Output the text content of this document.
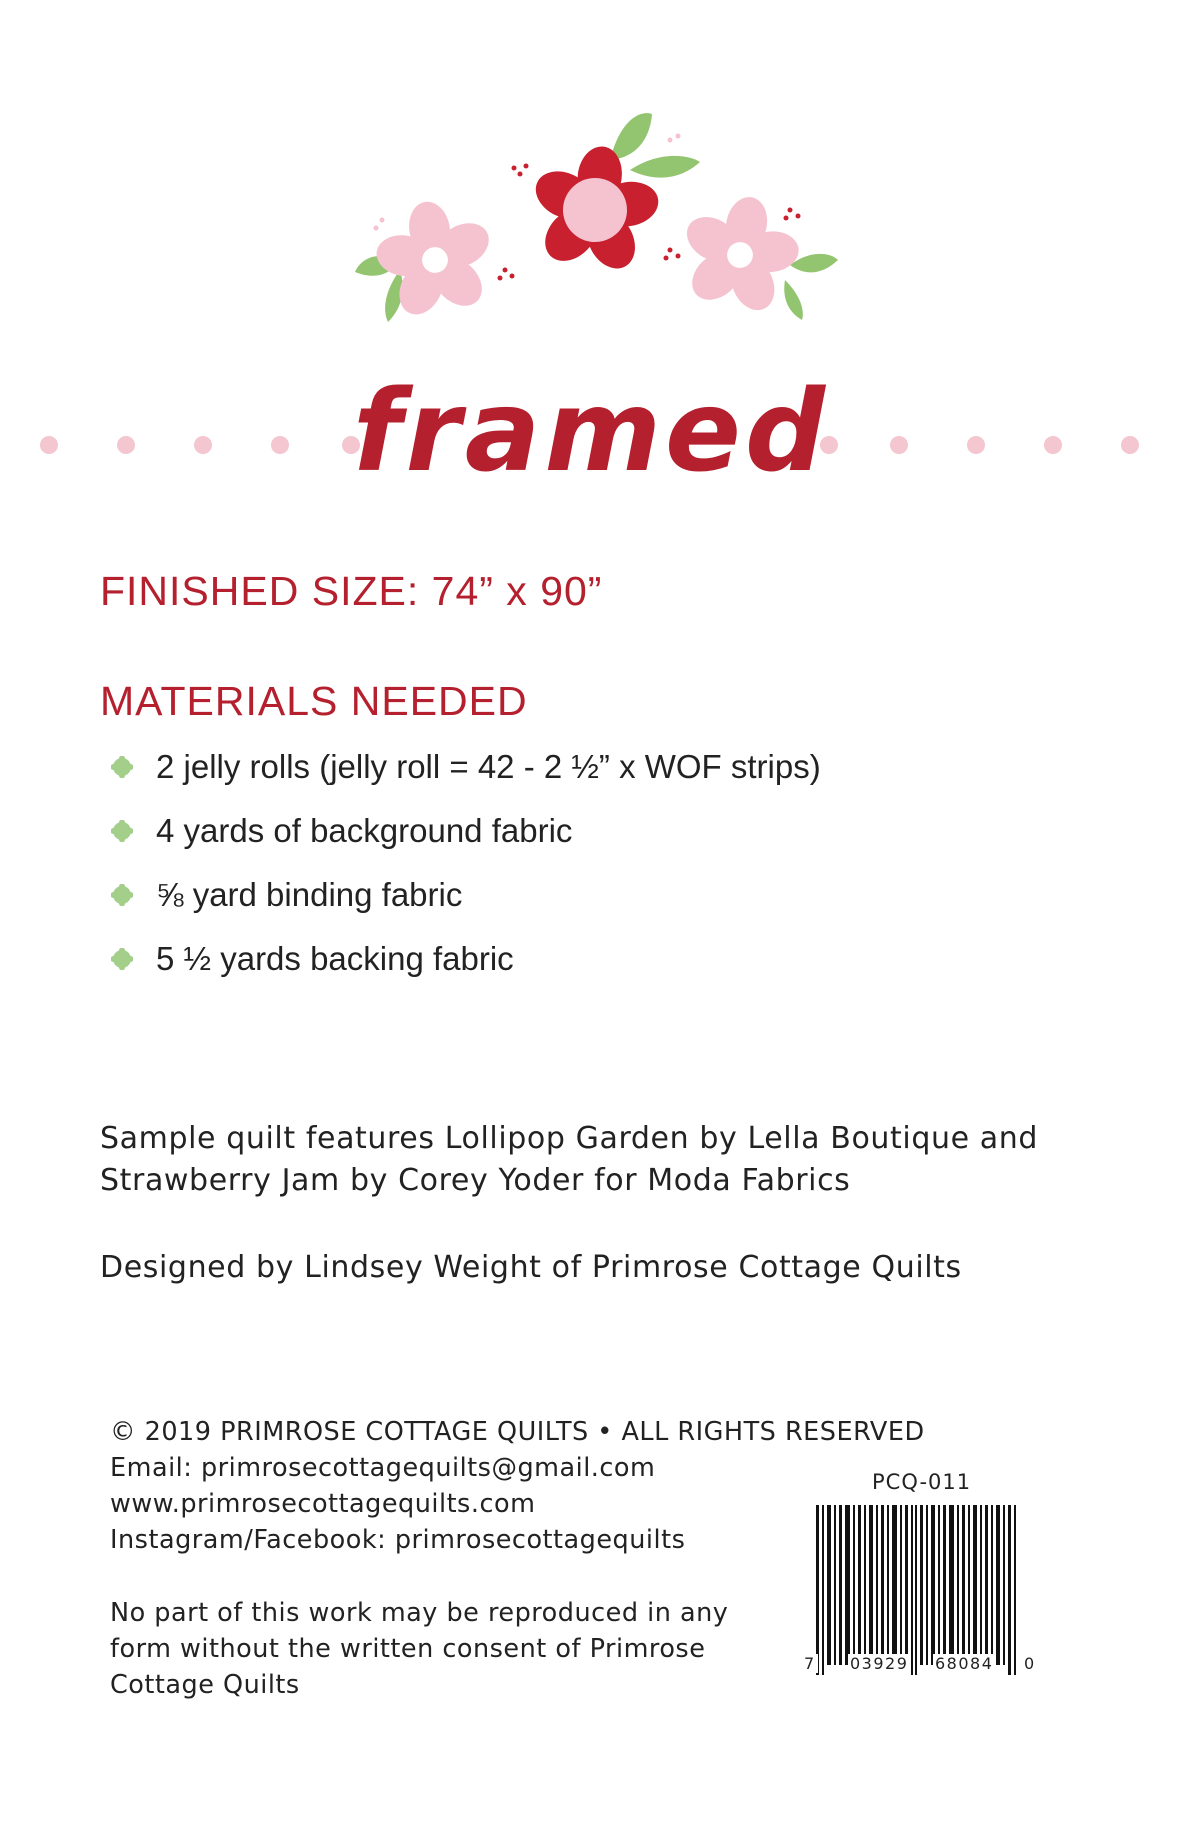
framed
FINISHED SIZE: 74” x 90”
MATERIALS NEEDED
2 jelly rolls (jelly roll = 42 - 2 ½” x WOF strips)
4 yards of background fabric
⅝ yard binding fabric
5 ½ yards backing fabric
Sample quilt features Lollipop Garden by Lella Boutique and
Strawberry Jam by Corey Yoder for Moda Fabrics
Designed by Lindsey Weight of Primrose Cottage Quilts
© 2019 PRIMROSE COTTAGE QUILTS • ALL RIGHTS RESERVED
Email: primrosecottagequilts@gmail.com
www.primrosecottagequilts.com
Instagram/Facebook: primrosecottagequilts
No part of this work may be reproduced in any
form without the written consent of Primrose
Cottage Quilts
PCQ-011
7 03929 68084 0
